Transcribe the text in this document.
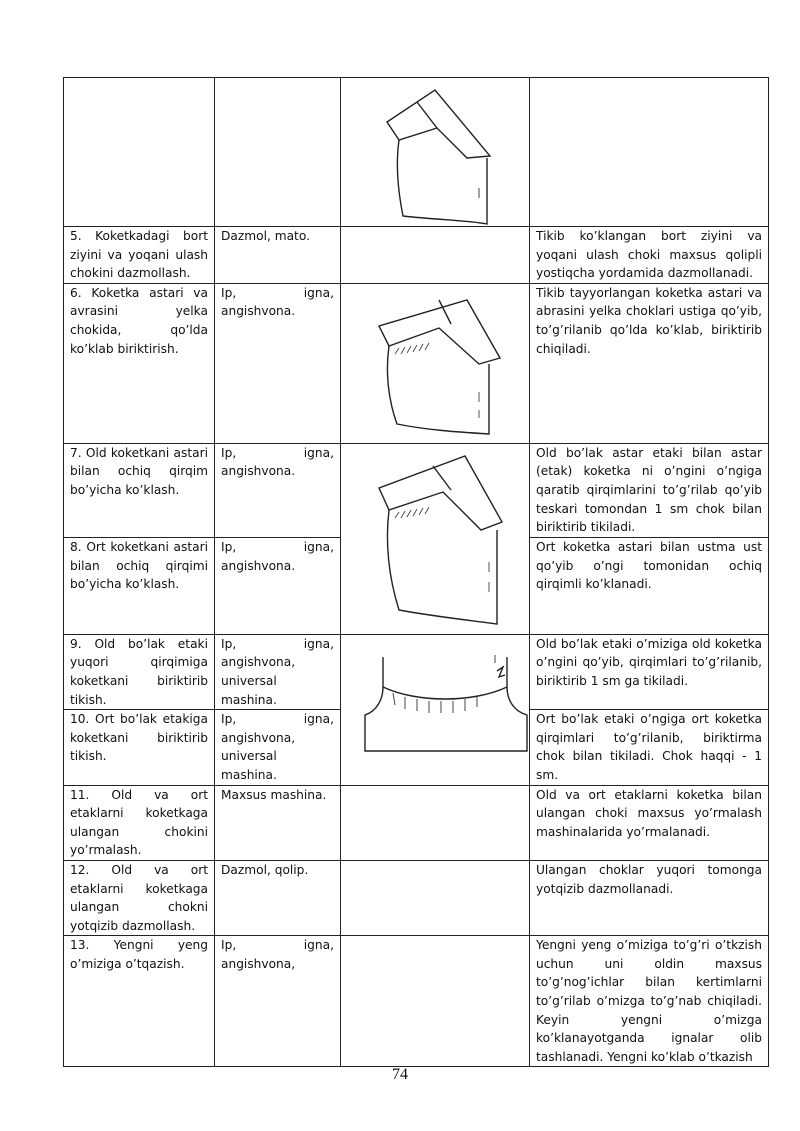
5. Koketkadagi bort ziyini va yoqani ulash chokini dazmollash.	Dazmol, mato.		Tikib ko’klangan bort ziyini va yoqani ulash choki maxsus qolipli yostiqcha yordamida dazmollanadi.
6. Koketka astari va avrasini yelka chokida, qo’lda ko’klab biriktirish.	Ip, igna, angishvona.		Tikib tayyorlangan koketka astari va abrasini yelka choklari ustiga qo’yib, to’g’rilanib qo’lda ko’klab, biriktirib chiqiladi.
7. Old koketkani astari bilan ochiq qirqim bo’yicha ko’klash.	Ip, igna, angishvona.		Old bo’lak astar etaki bilan astar (etak) koketka ni o’ngini o’ngiga qaratib qirqimlarini to’g’rilab qo’yib teskari tomondan 1 sm chok bilan biriktirib tikiladi.
8. Ort koketkani astari bilan ochiq qirqimi bo’yicha ko’klash.	Ip, igna, angishvona.		Ort koketka astari bilan ustma ust qo’yib o’ngi tomonidan ochiq qirqimli ko’klanadi.
9. Old bo’lak etaki yuqori qirqimiga koketkani biriktirib tikish.	Ip, igna, angishvona, universal mashina.		Old bo’lak etaki o’miziga old koketka o’ngini qo’yib, qirqimlari to’g’rilanib, biriktirib 1 sm ga tikiladi.
10. Ort bo’lak etakiga koketkani biriktirib tikish.	Ip, igna, angishvona, universal mashina.		Ort bo’lak etaki o’ngiga ort koketka qirqimlari to’g’rilanib, biriktirma chok bilan tikiladi. Chok haqqi - 1 sm.
11. Old va ort etaklarni koketkaga ulangan chokini yo’rmalash.	Maxsus mashina.		Old va ort etaklarni koketka bilan ulangan choki maxsus yo’rmalash mashinalarida yo’rmalanadi.
12. Old va ort etaklarni koketkaga ulangan chokni yotqizib dazmollash.	Dazmol, qolip.		Ulangan choklar yuqori tomonga yotqizib dazmollanadi.
13. Yengni yeng o’miziga o’tqazish.	Ip, igna, angishvona,		Yengni yeng o’miziga to’g’ri o’tkzish uchun uni oldin maxsus to’g’nog’ichlar bilan kertimlarni to’g’rilab o’mizga to’g’nab chiqiladi. Keyin yengni o’mizga ko’klanayotganda ignalar olib tashlanadi. Yengni ko’klab o’tkazish
74
